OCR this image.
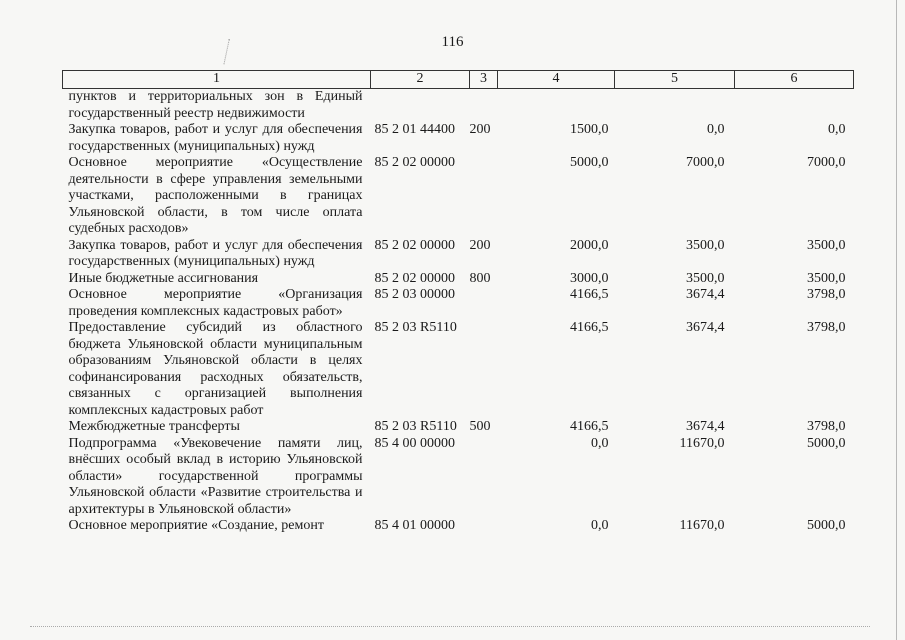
116
1	2	3	4	5	6
пунктов и территориальных зон в Единый государственный реестр недвижимости					
Закупка товаров, работ и услуг для обеспечения государственных (муниципальных) нужд	85 2 01 44400	200	1500,0	0,0	0,0
Основное мероприятие «Осуществление деятельности в сфере управления земельными участками, расположенными в границах Ульяновской области, в том числе оплата судебных расходов»	85 2 02 00000		5000,0	7000,0	7000,0
Закупка товаров, работ и услуг для обеспечения государственных (муниципальных) нужд	85 2 02 00000	200	2000,0	3500,0	3500,0
Иные бюджетные ассигнования	85 2 02 00000	800	3000,0	3500,0	3500,0
Основное мероприятие «Организация проведения комплексных кадастровых работ»	85 2 03 00000		4166,5	3674,4	3798,0
Предоставление субсидий из областного бюджета Ульяновской области муниципальным образованиям Ульяновской области в целях софинансирования расходных обязательств, связанных с организацией выполнения комплексных кадастровых работ	85 2 03 R5110		4166,5	3674,4	3798,0
Межбюджетные трансферты	85 2 03 R5110	500	4166,5	3674,4	3798,0
Подпрограмма «Увековечение памяти лиц, внёсших особый вклад в историю Ульяновской области» государственной программы Ульяновской области «Развитие строительства и архитектуры в Ульяновской области»	85 4 00 00000		0,0	11670,0	5000,0
Основное мероприятие «Создание, ремонт	85 4 01 00000		0,0	11670,0	5000,0
